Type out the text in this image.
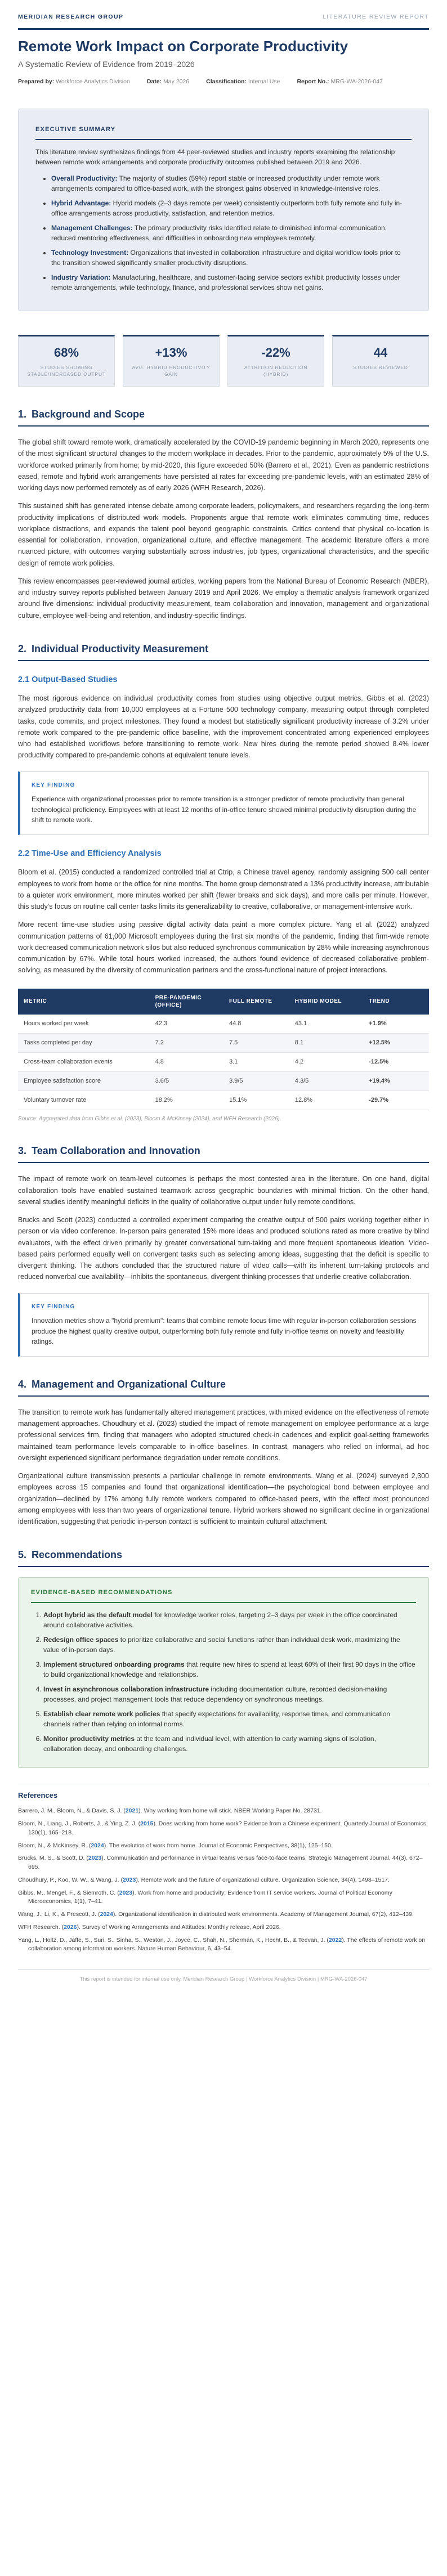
MERIDIAN RESEARCH GROUP	LITERATURE REVIEW REPORT
Remote Work Impact on Corporate Productivity
A Systematic Review of Evidence from 2019–2026
Prepared by: Workforce Analytics Division	Date: May 2026	Classification: Internal Use	Report No.: MRG-WA-2026-047
EXECUTIVE SUMMARY

This literature review synthesizes findings from 44 peer-reviewed studies and industry reports examining the relationship between remote work arrangements and corporate productivity outcomes published between 2019 and 2026.

• Overall Productivity: The majority of studies (59%) report stable or increased productivity under remote work arrangements compared to office-based work, with the strongest gains observed in knowledge-intensive roles.
• Hybrid Advantage: Hybrid models (2–3 days remote per week) consistently outperform both fully remote and fully in-office arrangements across productivity, satisfaction, and retention metrics.
• Management Challenges: The primary productivity risks identified relate to diminished informal communication, reduced mentoring effectiveness, and difficulties in onboarding new employees remotely.
• Technology Investment: Organizations that invested in collaboration infrastructure and digital workflow tools prior to the transition showed significantly smaller productivity disruptions.
• Industry Variation: Manufacturing, healthcare, and customer-facing service sectors exhibit productivity losses under remote arrangements, while technology, finance, and professional services show net gains.
68%
STUDIES SHOWING STABLE/INCREASED OUTPUT
+13%
AVG. HYBRID PRODUCTIVITY GAIN
-22%
ATTRITION REDUCTION (HYBRID)
44
STUDIES REVIEWED
1. Background and Scope

The global shift toward remote work, dramatically accelerated by the COVID-19 pandemic beginning in March 2020, represents one of the most significant structural changes to the modern workplace in decades. Prior to the pandemic, approximately 5% of the U.S. workforce worked primarily from home; by mid-2020, this figure exceeded 50% (Barrero et al., 2021). Even as pandemic restrictions eased, remote and hybrid work arrangements have persisted at rates far exceeding pre-pandemic levels, with an estimated 28% of working days now performed remotely as of early 2026 (WFH Research, 2026).

This sustained shift has generated intense debate among corporate leaders, policymakers, and researchers regarding the long-term productivity implications of distributed work models. Proponents argue that remote work eliminates commuting time, reduces workplace distractions, and expands the talent pool beyond geographic constraints. Critics contend that physical co-location is essential for collaboration, innovation, organizational culture, and effective management. The academic literature offers a more nuanced picture, with outcomes varying substantially across industries, job types, organizational characteristics, and the specific design of remote work policies.

This review encompasses peer-reviewed journal articles, working papers from the National Bureau of Economic Research (NBER), and industry survey reports published between January 2019 and April 2026. We employ a thematic analysis framework organized around five dimensions: individual productivity measurement, team collaboration and innovation, management and organizational culture, employee well-being and retention, and industry-specific findings.

2. Individual Productivity Measurement
2.1 Output-Based Studies

The most rigorous evidence on individual productivity comes from studies using objective output metrics. Gibbs et al. (2023) analyzed productivity data from 10,000 employees at a Fortune 500 technology company, measuring output through completed tasks, code commits, and project milestones. They found a modest but statistically significant productivity increase of 3.2% under remote work compared to the pre-pandemic office baseline, with the improvement concentrated among experienced employees who had established workflows before transitioning to remote work. New hires during the remote period showed 8.4% lower productivity compared to pre-pandemic cohorts at equivalent tenure levels.

KEY FINDING

Experience with organizational processes prior to remote transition is a stronger predictor of remote productivity than general technological proficiency. Employees with at least 12 months of in-office tenure showed minimal productivity disruption during the shift to remote work.

2.2 Time-Use and Efficiency Analysis

Bloom et al. (2015) conducted a randomized controlled trial at Ctrip, a Chinese travel agency, randomly assigning 500 call center employees to work from home or the office for nine months. The home group demonstrated a 13% productivity increase, attributable to a quieter work environment, more minutes worked per shift (fewer breaks and sick days), and more calls per minute. However, this study's focus on routine call center tasks limits its generalizability to creative, collaborative, or management-intensive work.

More recent time-use studies using passive digital activity data paint a more complex picture. Yang et al. (2022) analyzed communication patterns of 61,000 Microsoft employees during the first six months of the pandemic, finding that firm-wide remote work decreased communication network silos but also reduced synchronous communication by 28% while increasing asynchronous communication by 67%. While total hours worked increased, the authors found evidence of decreased collaborative problem-solving, as measured by the diversity of communication partners and the cross-functional nature of project interactions.

METRIC	PRE-PANDEMIC (OFFICE)	FULL REMOTE	HYBRID MODEL	TREND
Hours worked per week	42.3	44.8	43.1	+1.9%
Tasks completed per day	7.2	7.5	8.1	+12.5%
Cross-team collaboration events	4.8	3.1	4.2	-12.5%
Employee satisfaction score	3.6/5	3.9/5	4.3/5	+19.4%
Voluntary turnover rate	18.2%	15.1%	12.8%	-29.7%
Source: Aggregated data from Gibbs et al. (2023), Bloom & McKinsey (2024), and WFH Research (2026).
3. Team Collaboration and Innovation

The impact of remote work on team-level outcomes is perhaps the most contested area in the literature. On one hand, digital collaboration tools have enabled sustained teamwork across geographic boundaries with minimal friction. On the other hand, several studies identify meaningful deficits in the quality of collaborative output under fully remote conditions.

Brucks and Scott (2023) conducted a controlled experiment comparing the creative output of 500 pairs working together either in person or via video conference. In-person pairs generated 15% more ideas and produced solutions rated as more creative by blind evaluators, with the effect driven primarily by greater conversational turn-taking and more frequent spontaneous ideation. Video-based pairs performed equally well on convergent tasks such as selecting among ideas, suggesting that the deficit is specific to divergent thinking. The authors concluded that the structured nature of video calls—with its inherent turn-taking protocols and reduced nonverbal cue availability—inhibits the spontaneous, divergent thinking processes that underlie creative collaboration.

KEY FINDING

Innovation metrics show a "hybrid premium": teams that combine remote focus time with regular in-person collaboration sessions produce the highest quality creative output, outperforming both fully remote and fully in-office teams on novelty and feasibility ratings.

4. Management and Organizational Culture

The transition to remote work has fundamentally altered management practices, with mixed evidence on the effectiveness of remote management approaches. Choudhury et al. (2023) studied the impact of remote management on employee performance at a large professional services firm, finding that managers who adopted structured check-in cadences and explicit goal-setting frameworks maintained team performance levels comparable to in-office baselines. In contrast, managers who relied on informal, ad hoc oversight experienced significant performance degradation under remote conditions.

Organizational culture transmission presents a particular challenge in remote environments. Wang et al. (2024) surveyed 2,300 employees across 15 companies and found that organizational identification—the psychological bond between employee and organization—declined by 17% among fully remote workers compared to office-based peers, with the effect most pronounced among employees with less than two years of organizational tenure. Hybrid workers showed no significant decline in organizational identification, suggesting that periodic in-person contact is sufficient to maintain cultural attachment.

5. Recommendations
EVIDENCE-BASED RECOMMENDATIONS
1. Adopt hybrid as the default model for knowledge worker roles, targeting 2–3 days per week in the office coordinated around collaborative activities.
2. Redesign office spaces to prioritize collaborative and social functions rather than individual desk work, maximizing the value of in-person days.
3. Implement structured onboarding programs that require new hires to spend at least 60% of their first 90 days in the office to build organizational knowledge and relationships.
4. Invest in asynchronous collaboration infrastructure including documentation culture, recorded decision-making processes, and project management tools that reduce dependency on synchronous meetings.
5. Establish clear remote work policies that specify expectations for availability, response times, and communication channels rather than relying on informal norms.
6. Monitor productivity metrics at the team and individual level, with attention to early warning signs of isolation, collaboration decay, and onboarding challenges.
References
Barrero, J. M., Bloom, N., & Davis, S. J. (2021). Why working from home will stick. NBER Working Paper No. 28731.
Bloom, N., Liang, J., Roberts, J., & Ying, Z. J. (2015). Does working from home work? Evidence from a Chinese experiment. Quarterly Journal of Economics, 130(1), 165–218.
Bloom, N., & McKinsey, R. (2024). The evolution of work from home. Journal of Economic Perspectives, 38(1), 125–150.
Brucks, M. S., & Scott, D. (2023). Communication and performance in virtual teams versus face-to-face teams. Strategic Management Journal, 44(3), 672–695.
Choudhury, P., Koo, W. W., & Wang, J. (2023). Remote work and the future of organizational culture. Organization Science, 34(4), 1498–1517.
Gibbs, M., Mengel, F., & Siemroth, C. (2023). Work from home and productivity: Evidence from IT service workers. Journal of Political Economy Microeconomics, 1(1), 7–41.
Wang, J., Li, K., & Prescott, J. (2024). Organizational identification in distributed work environments. Academy of Management Journal, 67(2), 412–439.
WFH Research. (2026). Survey of Working Arrangements and Attitudes: Monthly release, April 2026.
Yang, L., Holtz, D., Jaffe, S., Suri, S., Sinha, S., Weston, J., Joyce, C., Shah, N., Sherman, K., Hecht, B., & Teevan, J. (2022). The effects of remote work on collaboration among information workers. Nature Human Behaviour, 6, 43–54.
This report is intended for internal use only. Meridian Research Group | Workforce Analytics Division | MRG-WA-2026-047
